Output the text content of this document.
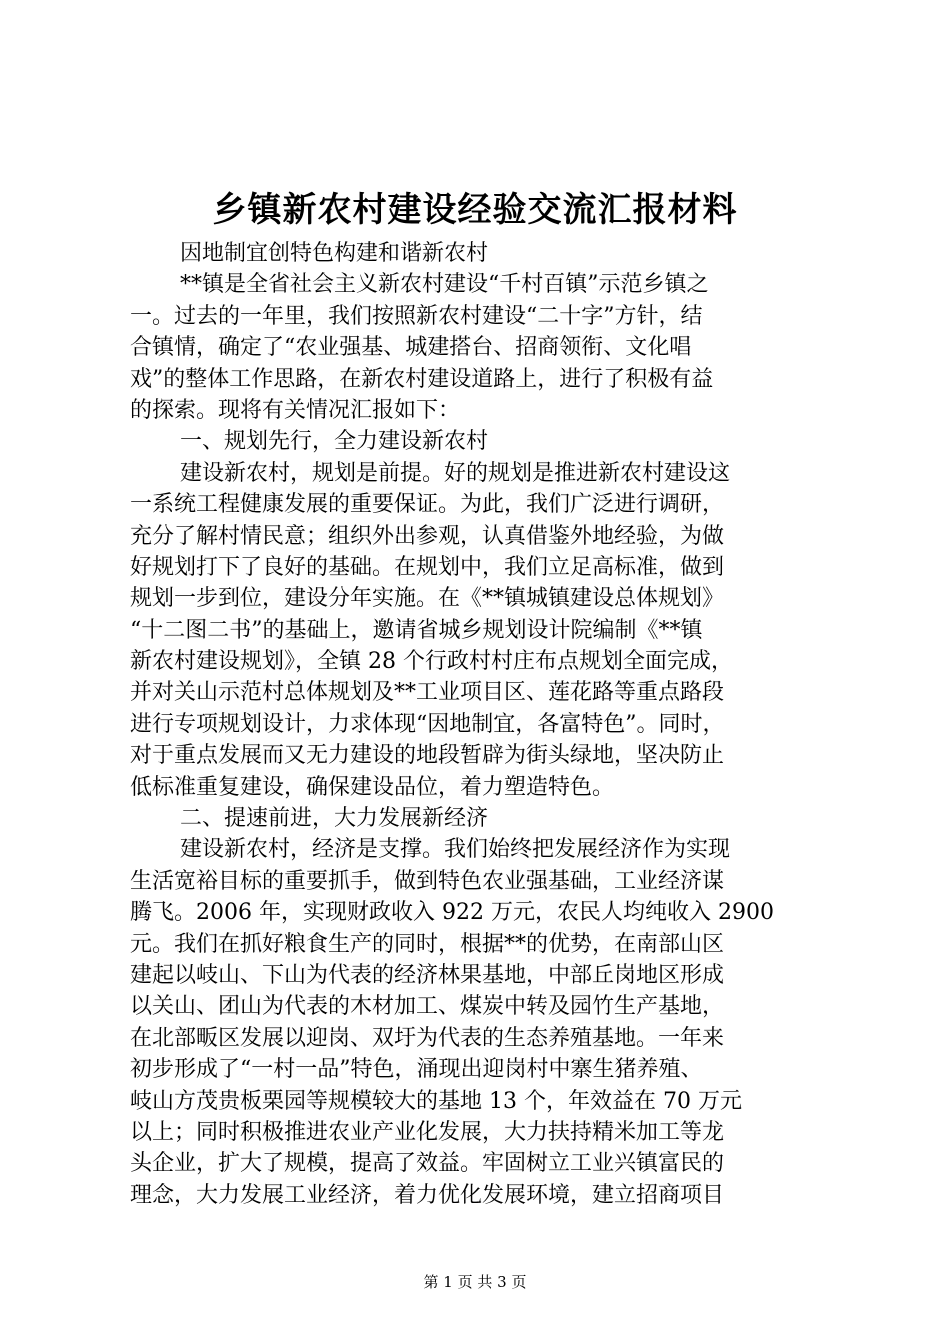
乡镇新农村建设经验交流汇报材料
因地制宜创特色构建和谐新农村
**镇是全省社会主义新农村建设“千村百镇”示范乡镇之
一。过去的一年里，我们按照新农村建设“二十字”方针，结
合镇情，确定了“农业强基、城建搭台、招商领衔、文化唱
戏”的整体工作思路，在新农村建设道路上，进行了积极有益
的探索。现将有关情况汇报如下：
一、规划先行，全力建设新农村
建设新农村，规划是前提。好的规划是推进新农村建设这
一系统工程健康发展的重要保证。为此，我们广泛进行调研，
充分了解村情民意；组织外出参观，认真借鉴外地经验，为做
好规划打下了良好的基础。在规划中，我们立足高标准，做到
规划一步到位，建设分年实施。在《**镇城镇建设总体规划》
“十二图二书”的基础上，邀请省城乡规划设计院编制《**镇
新农村建设规划》，全镇 28 个行政村村庄布点规划全面完成，
并对关山示范村总体规划及**工业项目区、莲花路等重点路段
进行专项规划设计，力求体现“因地制宜，各富特色”。同时，
对于重点发展而又无力建设的地段暂辟为街头绿地，坚决防止
低标准重复建设，确保建设品位，着力塑造特色。
二、提速前进，大力发展新经济
建设新农村，经济是支撑。我们始终把发展经济作为实现
生活宽裕目标的重要抓手，做到特色农业强基础，工业经济谋
腾飞。2006 年，实现财政收入 922 万元，农民人均纯收入 2900
元。我们在抓好粮食生产的同时，根据**的优势，在南部山区
建起以岐山、下山为代表的经济林果基地，中部丘岗地区形成
以关山、团山为代表的木材加工、煤炭中转及园竹生产基地，
在北部畈区发展以迎岗、双圩为代表的生态养殖基地。一年来
初步形成了“一村一品”特色，涌现出迎岗村中寨生猪养殖、
岐山方茂贵板栗园等规模较大的基地 13 个，年效益在 70 万元
以上；同时积极推进农业产业化发展，大力扶持精米加工等龙
头企业，扩大了规模，提高了效益。牢固树立工业兴镇富民的
理念，大力发展工业经济，着力优化发展环境，建立招商项目
第 1 页 共 3 页
